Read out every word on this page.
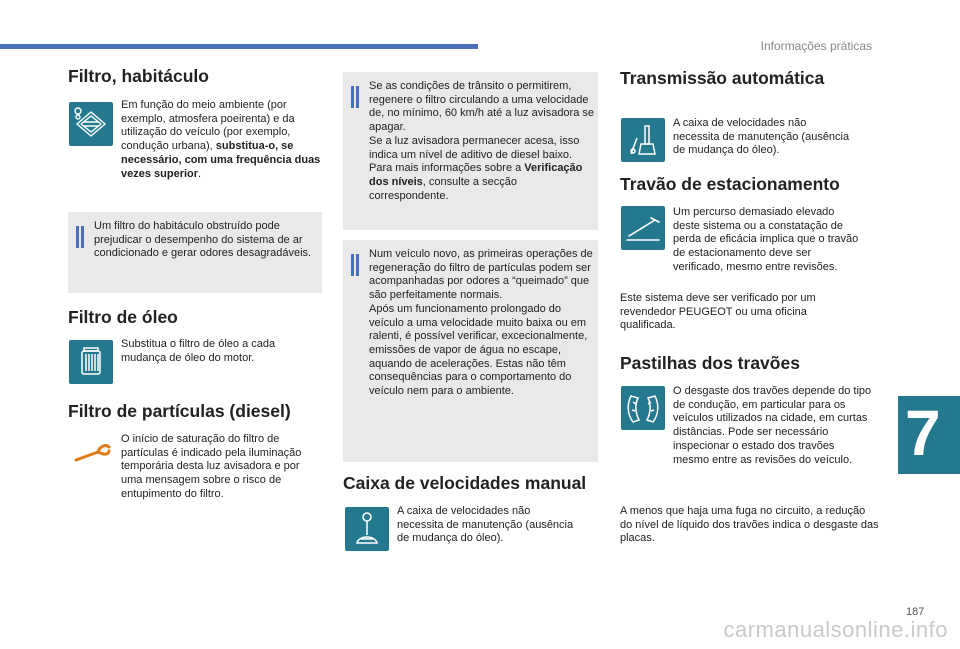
Informações práticas
Filtro, habitáculo

Em função do meio ambiente (por exemplo, atmosfera poeirenta) e da utilização do veículo (por exemplo, condução urbana), substitua-o, se necessário, com uma frequência duas vezes superior.

Um filtro do habitáculo obstruído pode prejudicar o desempenho do sistema de ar condicionado e gerar odores desagradáveis.

Filtro de óleo

Substitua o filtro de óleo a cada mudança de óleo do motor.

Filtro de partículas (diesel)

O início de saturação do filtro de partículas é indicado pela iluminação temporária desta luz avisadora e por uma mensagem sobre o risco de entupimento do filtro.

Se as condições de trânsito o permitirem, regenere o filtro circulando a uma velocidade de, no mínimo, 60 km/h até a luz avisadora se apagar.
Se a luz avisadora permanecer acesa, isso indica um nível de aditivo de diesel baixo.
Para mais informações sobre a Verificação dos níveis, consulte a secção correspondente.

Num veículo novo, as primeiras operações de regeneração do filtro de partículas podem ser acompanhadas por odores a “queimado” que são perfeitamente normais.
Após um funcionamento prolongado do veículo a uma velocidade muito baixa ou em ralenti, é possível verificar, excecionalmente, emissões de vapor de água no escape, aquando de acelerações. Estas não têm consequências para o comportamento do veículo nem para o ambiente.

Caixa de velocidades manual

A caixa de velocidades não necessita de manutenção (ausência de mudança do óleo).

Transmissão automática

A caixa de velocidades não necessita de manutenção (ausência de mudança do óleo).

Travão de estacionamento

Um percurso demasiado elevado deste sistema ou a constatação de perda de eficácia implica que o travão de estacionamento deve ser verificado, mesmo entre revisões.

Este sistema deve ser verificado por um revendedor PEUGEOT ou uma oficina qualificada.

Pastilhas dos travões

O desgaste dos travões depende do tipo de condução, em particular para os veículos utilizados na cidade, em curtas distâncias. Pode ser necessário inspecionar o estado dos travões mesmo entre as revisões do veículo.

A menos que haja uma fuga no circuito, a redução do nível de líquido dos travões indica o desgaste das placas.

7
187
carmanualsonline.info
